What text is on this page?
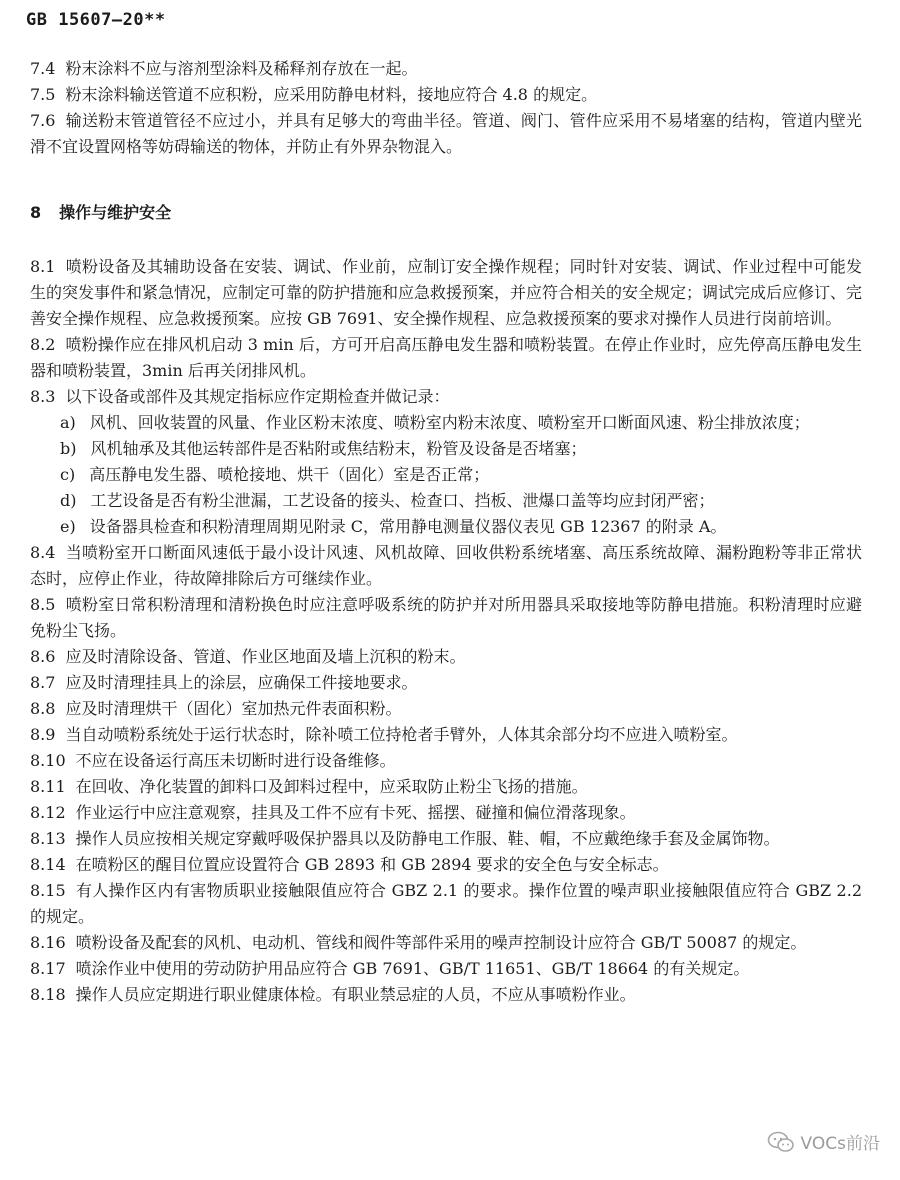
GB 15607—20**
7.4 粉末涂料不应与溶剂型涂料及稀释剂存放在一起。
7.5 粉末涂料输送管道不应积粉，应采用防静电材料，接地应符合 4.8 的规定。
7.6 输送粉末管道管径不应过小，并具有足够大的弯曲半径。管道、阀门、管件应采用不易堵塞的结构，管道内壁光滑不宜设置网格等妨碍输送的物体，并防止有外界杂物混入。
8 操作与维护安全
8.1 喷粉设备及其辅助设备在安装、调试、作业前，应制订安全操作规程；同时针对安装、调试、作业过程中可能发生的突发事件和紧急情况，应制定可靠的防护措施和应急救援预案，并应符合相关的安全规定；调试完成后应修订、完善安全操作规程、应急救援预案。应按 GB 7691、安全操作规程、应急救援预案的要求对操作人员进行岗前培训。
8.2 喷粉操作应在排风机启动 3 min 后，方可开启高压静电发生器和喷粉装置。在停止作业时，应先停高压静电发生器和喷粉装置，3min 后再关闭排风机。
8.3 以下设备或部件及其规定指标应作定期检查并做记录：
a) 风机、回收装置的风量、作业区粉末浓度、喷粉室内粉末浓度、喷粉室开口断面风速、粉尘排放浓度；
b) 风机轴承及其他运转部件是否粘附或焦结粉末，粉管及设备是否堵塞；
c) 高压静电发生器、喷枪接地、烘干（固化）室是否正常；
d) 工艺设备是否有粉尘泄漏，工艺设备的接头、检查口、挡板、泄爆口盖等均应封闭严密；
e) 设备器具检查和积粉清理周期见附录 C，常用静电测量仪器仪表见 GB 12367 的附录 A。
8.4 当喷粉室开口断面风速低于最小设计风速、风机故障、回收供粉系统堵塞、高压系统故障、漏粉跑粉等非正常状态时，应停止作业，待故障排除后方可继续作业。
8.5 喷粉室日常积粉清理和清粉换色时应注意呼吸系统的防护并对所用器具采取接地等防静电措施。积粉清理时应避免粉尘飞扬。
8.6 应及时清除设备、管道、作业区地面及墙上沉积的粉末。
8.7 应及时清理挂具上的涂层，应确保工件接地要求。
8.8 应及时清理烘干（固化）室加热元件表面积粉。
8.9 当自动喷粉系统处于运行状态时，除补喷工位持枪者手臂外，人体其余部分均不应进入喷粉室。
8.10 不应在设备运行高压未切断时进行设备维修。
8.11 在回收、净化装置的卸料口及卸料过程中，应采取防止粉尘飞扬的措施。
8.12 作业运行中应注意观察，挂具及工件不应有卡死、摇摆、碰撞和偏位滑落现象。
8.13 操作人员应按相关规定穿戴呼吸保护器具以及防静电工作服、鞋、帽，不应戴绝缘手套及金属饰物。
8.14 在喷粉区的醒目位置应设置符合 GB 2893 和 GB 2894 要求的安全色与安全标志。
8.15 有人操作区内有害物质职业接触限值应符合 GBZ 2.1 的要求。操作位置的噪声职业接触限值应符合 GBZ 2.2 的规定。
8.16 喷粉设备及配套的风机、电动机、管线和阀件等部件采用的噪声控制设计应符合 GB/T 50087 的规定。
8.17 喷涂作业中使用的劳动防护用品应符合 GB 7691、GB/T 11651、GB/T 18664 的有关规定。
8.18 操作人员应定期进行职业健康体检。有职业禁忌症的人员，不应从事喷粉作业。
VOCs前沿
